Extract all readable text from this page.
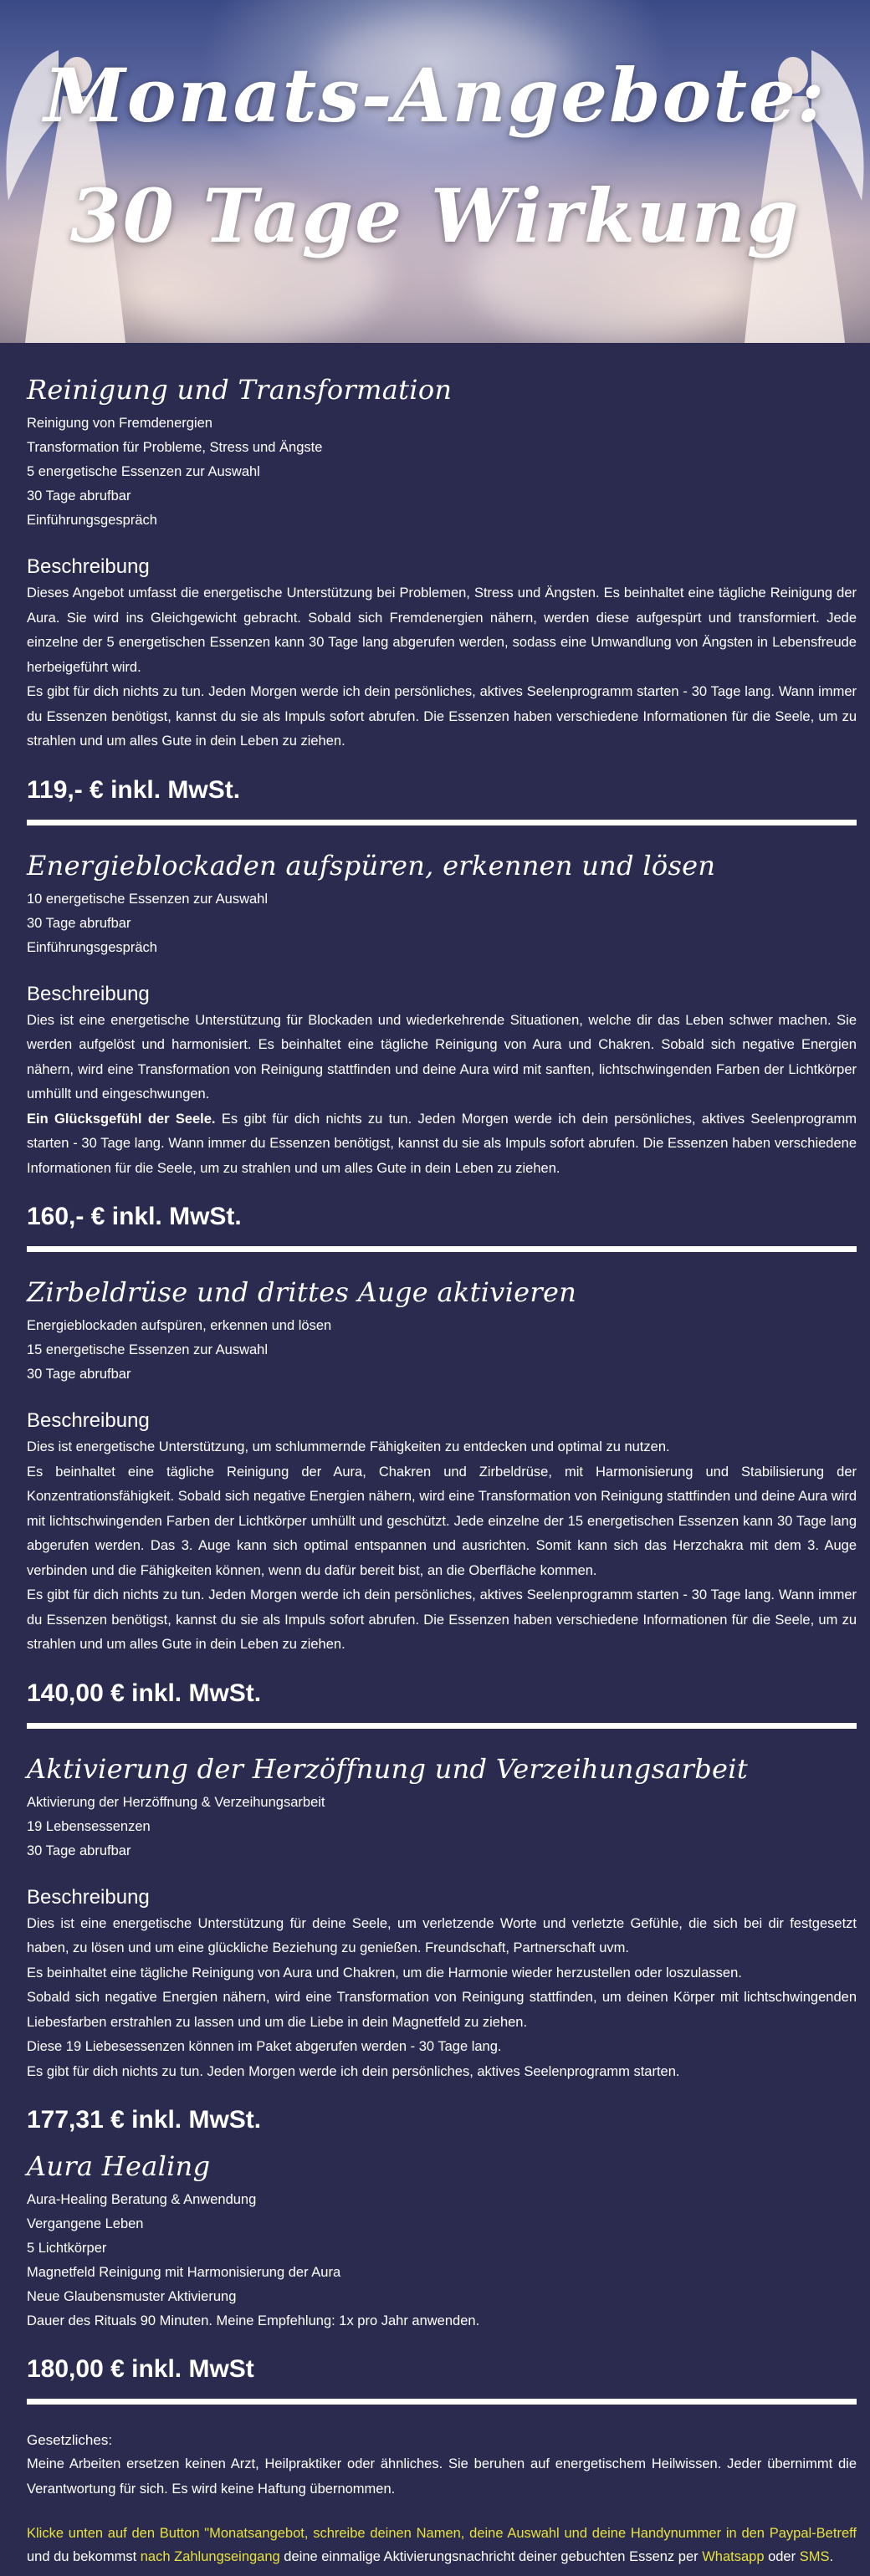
Monats-Angebote:
30 Tage Wirkung
Reinigung und Transformation
Reinigung von Fremdenergien
Transformation für Probleme, Stress und Ängste
5 energetische Essenzen zur Auswahl
30 Tage abrufbar
Einführungsgespräch
Beschreibung

Dieses Angebot umfasst die energetische Unterstützung bei Problemen, Stress und Ängsten. Es beinhaltet eine tägliche Reinigung der Aura. Sie wird ins Gleichgewicht gebracht. Sobald sich Fremdenergien nähern, werden diese aufgespürt und transformiert. Jede einzelne der 5 energetischen Essenzen kann 30 Tage lang abgerufen werden, sodass eine Umwandlung von Ängsten in Lebensfreude herbeigeführt wird.

Es gibt für dich nichts zu tun. Jeden Morgen werde ich dein persönliches, aktives Seelenprogramm starten - 30 Tage lang. Wann immer du Essenzen benötigst, kannst du sie als Impuls sofort abrufen. Die Essenzen haben verschiedene Informationen für die Seele, um zu strahlen und um alles Gute in dein Leben zu ziehen.

119,- € inkl. MwSt.
Energieblockaden aufspüren, erkennen und lösen
10 energetische Essenzen zur Auswahl
30 Tage abrufbar
Einführungsgespräch
Beschreibung

Dies ist eine energetische Unterstützung für Blockaden und wiederkehrende Situationen, welche dir das Leben schwer machen. Sie werden aufgelöst und harmonisiert. Es beinhaltet eine tägliche Reinigung von Aura und Chakren. Sobald sich negative Energien nähern, wird eine Transformation von Reinigung stattfinden und deine Aura wird mit sanften, lichtschwingenden Farben der Lichtkörper umhüllt und eingeschwungen.

Ein Glücksgefühl der Seele. Es gibt für dich nichts zu tun. Jeden Morgen werde ich dein persönliches, aktives Seelenprogramm starten - 30 Tage lang. Wann immer du Essenzen benötigst, kannst du sie als Impuls sofort abrufen. Die Essenzen haben verschiedene Informationen für die Seele, um zu strahlen und um alles Gute in dein Leben zu ziehen.

160,- € inkl. MwSt.
Zirbeldrüse und drittes Auge aktivieren
Energieblockaden aufspüren, erkennen und lösen
15 energetische Essenzen zur Auswahl
30 Tage abrufbar
Beschreibung

Dies ist energetische Unterstützung, um schlummernde Fähigkeiten zu entdecken und optimal zu nutzen.

Es beinhaltet eine tägliche Reinigung der Aura, Chakren und Zirbeldrüse, mit Harmonisierung und Stabilisierung der Konzentrationsfähigkeit. Sobald sich negative Energien nähern, wird eine Transformation von Reinigung stattfinden und deine Aura wird mit lichtschwingenden Farben der Lichtkörper umhüllt und geschützt. Jede einzelne der 15 energetischen Essenzen kann 30 Tage lang abgerufen werden. Das 3. Auge kann sich optimal entspannen und ausrichten. Somit kann sich das Herzchakra mit dem 3. Auge verbinden und die Fähigkeiten können, wenn du dafür bereit bist, an die Oberfläche kommen.

Es gibt für dich nichts zu tun. Jeden Morgen werde ich dein persönliches, aktives Seelenprogramm starten - 30 Tage lang. Wann immer du Essenzen benötigst, kannst du sie als Impuls sofort abrufen. Die Essenzen haben verschiedene Informationen für die Seele, um zu strahlen und um alles Gute in dein Leben zu ziehen.

140,00 € inkl. MwSt.
Aktivierung der Herzöffnung und Verzeihungsarbeit
Aktivierung der Herzöffnung & Verzeihungsarbeit
19 Lebensessenzen
30 Tage abrufbar
Beschreibung

Dies ist eine energetische Unterstützung für deine Seele, um verletzende Worte und verletzte Gefühle, die sich bei dir festgesetzt haben, zu lösen und um eine glückliche Beziehung zu genießen. Freundschaft, Partnerschaft uvm.

Es beinhaltet eine tägliche Reinigung von Aura und Chakren, um die Harmonie wieder herzustellen oder loszulassen.

Sobald sich negative Energien nähern, wird eine Transformation von Reinigung stattfinden, um deinen Körper mit lichtschwingenden Liebesfarben erstrahlen zu lassen und um die Liebe in dein Magnetfeld zu ziehen.

Diese 19 Liebesessenzen können im Paket abgerufen werden - 30 Tage lang.

Es gibt für dich nichts zu tun. Jeden Morgen werde ich dein persönliches, aktives Seelenprogramm starten.

177,31 € inkl. MwSt.
Aura Healing
Aura-Healing Beratung & Anwendung
Vergangene Leben
5 Lichtkörper
Magnetfeld Reinigung mit Harmonisierung der Aura
Neue Glaubensmuster Aktivierung
Dauer des Rituals 90 Minuten. Meine Empfehlung: 1x pro Jahr anwenden.
180,00 € inkl. MwSt
Gesetzliches:

Meine Arbeiten ersetzen keinen Arzt, Heilpraktiker oder ähnliches. Sie beruhen auf energetischem Heilwissen. Jeder übernimmt die Verantwortung für sich. Es wird keine Haftung übernommen.

Klicke unten auf den Button "Monatsangebot, schreibe deinen Namen, deine Auswahl und deine Handynummer in den Paypal-Betreff und du bekommst nach Zahlungseingang deine einmalige Aktivierungsnachricht deiner gebuchten Essenz per Whatsapp oder SMS.
